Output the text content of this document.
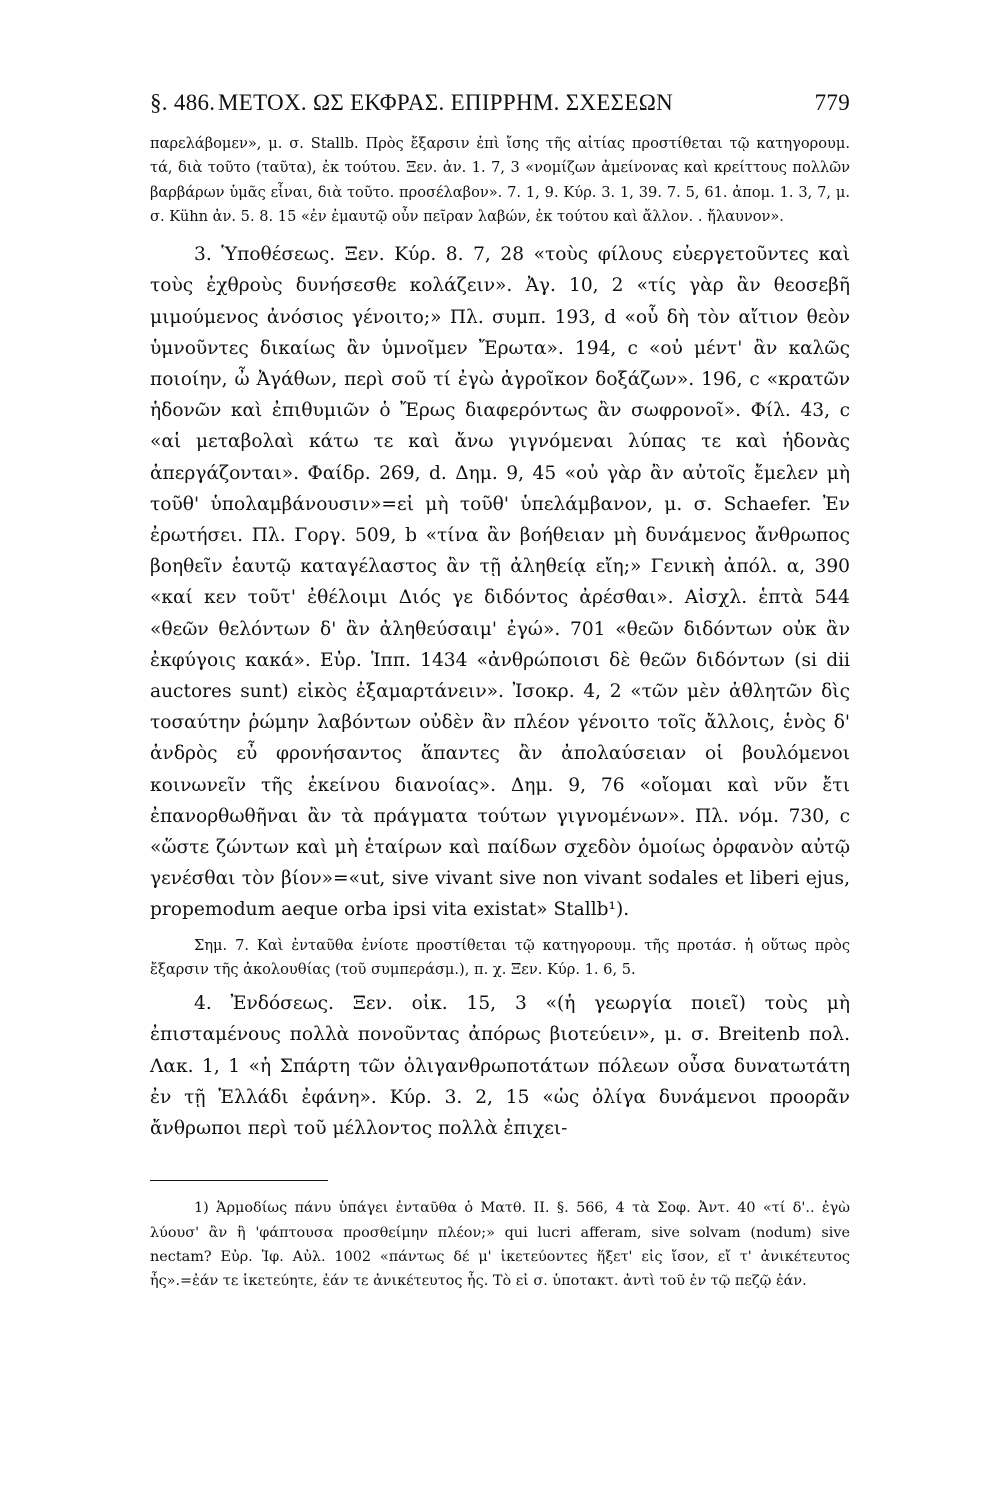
§. 486. ΜΕΤΟΧ. ΩΣ ΕΚΦΡΑΣ. ΕΠΙΡΡΗΜ. ΣΧΕΣΕΩΝ	779

παρελάβομεν», μ. σ. Stallb. Πρὸς ἔξαρσιν ἐπὶ ἴσης τῆς αἰτίας προστίθεται τῷ κατηγορουμ. τά, διὰ τοῦτο (ταῦτα), ἐκ τούτου. Ξεν. ἀν. 1. 7, 3 «νομίζων ἀμείνονας καὶ κρείττους πολλῶν βαρβάρων ὑμᾶς εἶναι, διὰ τοῦτο. προσέλαβον». 7. 1, 9. Κύρ. 3. 1, 39. 7. 5, 61. ἀπομ. 1. 3, 7, μ. σ. Kühn ἀν. 5. 8. 15 «ἐν ἐμαυτῷ οὖν πεῖραν λαβών, ἐκ τούτου καὶ ἄλλον. . ἤλαυνον».

3. Ὑποθέσεως. Ξεν. Κύρ. 8. 7, 28 «τοὺς φίλους εὐεργετοῦντες καὶ τοὺς ἐχθροὺς δυνήσεσθε κολάζειν». Ἀγ. 10, 2 «τίς γὰρ ἂν θεοσεβῆ μιμούμενος ἀνόσιος γένοιτο;» Πλ. συμπ. 193, d «οὗ δὴ τὸν αἴτιον θεὸν ὑμνοῦντες δικαίως ἂν ὑμνοῖμεν Ἔρωτα». 194, c «οὐ μέντ' ἂν καλῶς ποιοίην, ὦ Ἀγάθων, περὶ σοῦ τί ἐγὼ ἀγροῖκον δοξάζων». 196, c «κρατῶν ἡδονῶν καὶ ἐπιθυμιῶν ὁ Ἔρως διαφερόντως ἂν σωφρονοῖ». Φίλ. 43, c «αἱ μεταβολαὶ κάτω τε καὶ ἄνω γιγνόμεναι λύπας τε καὶ ἡδονὰς ἀπεργάζονται». Φαίδρ. 269, d. Δημ. 9, 45 «οὐ γὰρ ἂν αὐτοῖς ἔμελεν μὴ τοῦθ' ὑπολαμβάνουσιν»=εἰ μὴ τοῦθ' ὑπελάμβανον, μ. σ. Schaefer. Ἐν ἐρωτήσει. Πλ. Γοργ. 509, b «τίνα ἂν βοήθειαν μὴ δυνάμενος ἄνθρωπος βοηθεῖν ἑαυτῷ καταγέλαστος ἂν τῇ ἀληθείᾳ εἴη;» Γενικὴ ἀπόλ. α, 390 «καί κεν τοῦτ' ἐθέλοιμι Διός γε διδόντος ἀρέσθαι». Αἰσχλ. ἑπτὰ 544 «θεῶν θελόντων δ' ἂν ἀληθεύσαιμ' ἐγώ». 701 «θεῶν διδόντων οὐκ ἂν ἐκφύγοις κακά». Εὐρ. Ἱππ. 1434 «ἀνθρώποισι δὲ θεῶν διδόντων (si dii auctores sunt) εἰκὸς ἐξαμαρτάνειν». Ἰσοκρ. 4, 2 «τῶν μὲν ἀθλητῶν δὶς τοσαύτην ῥώμην λαβόντων οὐδὲν ἂν πλέον γένοιτο τοῖς ἄλλοις, ἑνὸς δ' ἀνδρὸς εὖ φρονήσαντος ἅπαντες ἂν ἀπολαύσειαν οἱ βουλόμενοι κοινωνεῖν τῆς ἐκείνου διανοίας». Δημ. 9, 76 «οἴομαι καὶ νῦν ἔτι ἐπανορθωθῆναι ἂν τὰ πράγματα τούτων γιγνομένων». Πλ. νόμ. 730, c «ὥστε ζώντων καὶ μὴ ἑταίρων καὶ παίδων σχεδὸν ὁμοίως ὀρφανὸν αὐτῷ γενέσθαι τὸν βίον»=«ut, sive vivant sive non vivant sodales et liberi ejus, propemodum aeque orba ipsi vita existat» Stallb¹).

Σημ. 7. Καὶ ἐνταῦθα ἐνίοτε προστίθεται τῷ κατηγορουμ. τῆς προτάσ. ἡ οὕτως πρὸς ἔξαρσιν τῆς ἀκολουθίας (τοῦ συμπεράσμ.), π. χ. Ξεν. Κύρ. 1. 6, 5.

4. Ἐνδόσεως. Ξεν. οἰκ. 15, 3 «(ἡ γεωργία ποιεῖ) τοὺς μὴ ἐπισταμένους πολλὰ πονοῦντας ἀπόρως βιοτεύειν», μ. σ. Breitenb πολ. Λακ. 1, 1 «ἡ Σπάρτη τῶν ὀλιγανθρωποτάτων πόλεων οὖσα δυνατωτάτη ἐν τῇ Ἑλλάδι ἐφάνη». Κύρ. 3. 2, 15 «ὡς ὀλίγα δυνάμενοι προορᾶν ἄνθρωποι περὶ τοῦ μέλλοντος πολλὰ ἐπιχει-

1) Ἁρμοδίως πάνυ ὑπάγει ἐνταῦθα ὁ Ματθ. II. §. 566, 4 τὰ Σοφ. Ἀντ. 40 «τί δ'.. ἐγὼ λύουσ' ἂν ἢ 'φάπτουσα προσθείμην πλέον;» qui lucri afferam, sive solvam (nodum) sive nectam? Εὐρ. Ἰφ. Αὐλ. 1002 «πάντως δέ μ' ἱκετεύοντες ἥξετ' εἰς ἴσον, εἴ τ' ἀνικέτευτος ἦς».=ἐάν τε ἱκετεύητε, ἐάν τε ἀνικέτευτος ἦς. Τὸ εἰ σ. ὑποτακτ. ἀντὶ τοῦ ἐν τῷ πεζῷ ἐάν.
